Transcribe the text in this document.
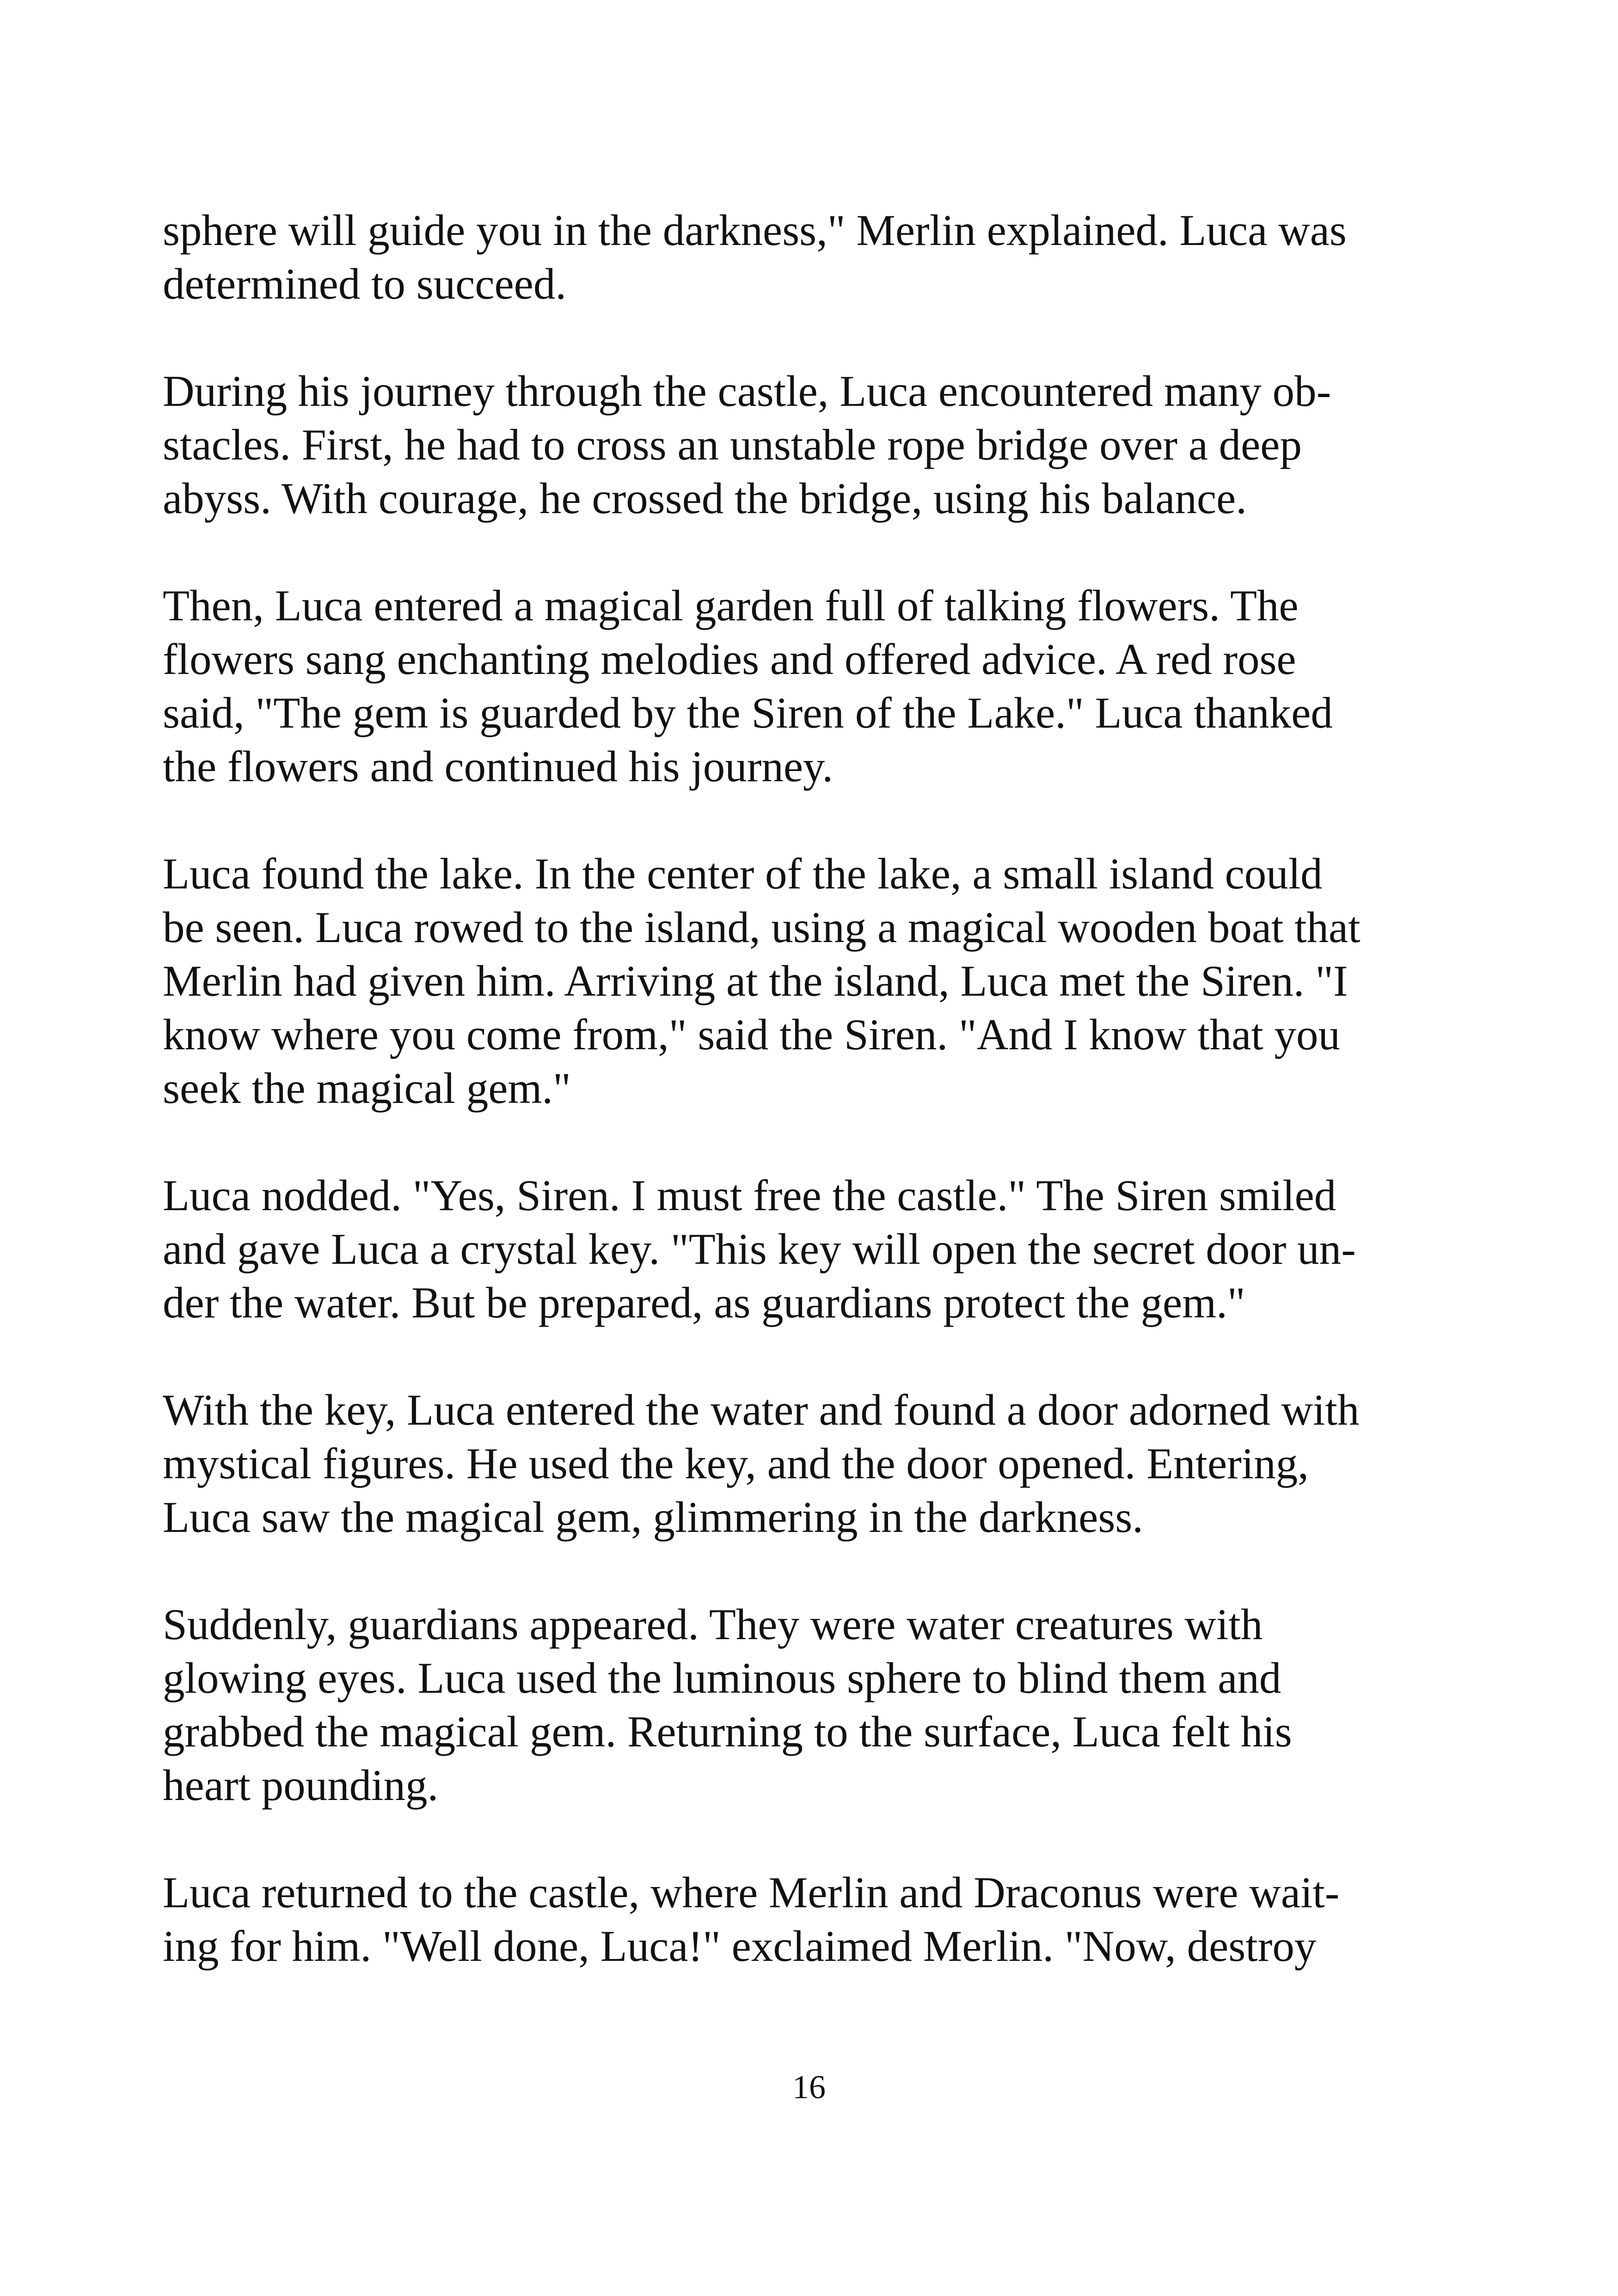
sphere will guide you in the darkness," Merlin explained. Luca was
determined to succeed.

During his journey through the castle, Luca encountered many ob-
stacles. First, he had to cross an unstable rope bridge over a deep
abyss. With courage, he crossed the bridge, using his balance.

Then, Luca entered a magical garden full of talking flowers. The
flowers sang enchanting melodies and offered advice. A red rose
said, "The gem is guarded by the Siren of the Lake." Luca thanked
the flowers and continued his journey.

Luca found the lake. In the center of the lake, a small island could
be seen. Luca rowed to the island, using a magical wooden boat that
Merlin had given him. Arriving at the island, Luca met the Siren. "I
know where you come from," said the Siren. "And I know that you
seek the magical gem."

Luca nodded. "Yes, Siren. I must free the castle." The Siren smiled
and gave Luca a crystal key. "This key will open the secret door un-
der the water. But be prepared, as guardians protect the gem."

With the key, Luca entered the water and found a door adorned with
mystical figures. He used the key, and the door opened. Entering,
Luca saw the magical gem, glimmering in the darkness.

Suddenly, guardians appeared. They were water creatures with
glowing eyes. Luca used the luminous sphere to blind them and
grabbed the magical gem. Returning to the surface, Luca felt his
heart pounding.

Luca returned to the castle, where Merlin and Draconus were wait-
ing for him. "Well done, Luca!" exclaimed Merlin. "Now, destroy

16
